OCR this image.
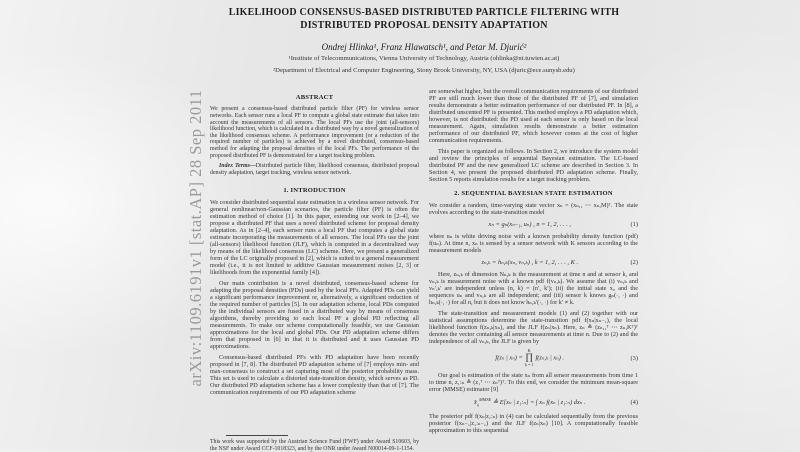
arXiv:1109.6191v1 [stat.AP] 28 Sep 2011
LIKELIHOOD CONSENSUS-BASED DISTRIBUTED PARTICLE FILTERING WITH DISTRIBUTED PROPOSAL DENSITY ADAPTATION
Ondrej Hlinka¹, Franz Hlawatsch¹, and Petar M. Djurić²
¹Institute of Telecommunications, Vienna University of Technology, Austria (ohlinka@nt.tuwien.ac.at)
²Department of Electrical and Computer Engineering, Stony Brook University, NY, USA (djuric@ece.sunysb.edu)
ABSTRACT

We present a consensus-based distributed particle filter (PF) for wireless sensor networks. Each sensor runs a local PF to compute a global state estimate that takes into account the measurements of all sensors. The local PFs use the joint (all-sensors) likelihood function, which is calculated in a distributed way by a novel generalization of the likelihood consensus scheme. A performance improvement (or a reduction of the required number of particles) is achieved by a novel distributed, consensus-based method for adapting the proposal densities of the local PFs. The performance of the proposed distributed PF is demonstrated for a target tracking problem.

Index Terms—Distributed particle filter, likelihood consensus, distributed proposal density adaptation, target tracking, wireless sensor network.

1. INTRODUCTION

We consider distributed sequential state estimation in a wireless sensor network. For general nonlinear/non-Gaussian scenarios, the particle filter (PF) is often the estimation method of choice [1]. In this paper, extending our work in [2–4], we propose a distributed PF that uses a novel distributed scheme for proposal density adaptation. As in [2–4], each sensor runs a local PF that computes a global state estimate incorporating the measurements of all sensors. The local PFs use the joint (all-sensors) likelihood function (JLF), which is computed in a decentralized way by means of the likelihood consensus (LC) scheme. Here, we present a generalized form of the LC originally proposed in [2], which is suited to a general measurement model (i.e., it is not limited to additive Gaussian measurement noises [2, 3] or likelihoods from the exponential family [4]).

Our main contribution is a novel distributed, consensus-based scheme for adapting the proposal densities (PDs) used by the local PFs. Adapted PDs can yield a significant performance improvement or, alternatively, a significant reduction of the required number of particles [5]. In our adaptation scheme, local PDs computed by the individual sensors are fused in a distributed way by means of consensus algorithms, thereby providing to each local PF a global PD reflecting all measurements. To make our scheme computationally feasible, we use Gaussian approximations for the local and global PDs. Our PD adaptation scheme differs from that proposed in [6] in that it is distributed and it uses Gaussian PD approximations.

Consensus-based distributed PFs with PD adaptation have been recently proposed in [7, 8]. The distributed PD adaptation scheme of [7] employs min- and max-consensus to construct a set capturing most of the posterior probability mass. This set is used to calculate a distorted state-transition density, which serves as PD. Our distributed PD adaptation scheme has a lower complexity than that of [7]. The communication requirements of our PD adaptation scheme

This work was supported by the Austrian Science Fund (FWF) under Award S10603, by the NSF under Award CCF-1018323, and by the ONR under Award N00014-09-1-1154.

are somewhat higher, but the overall communication requirements of our distributed PF are still much lower than those of the distributed PF of [7], and simulation results demonstrate a better estimation performance of our distributed PF. In [8], a distributed unscented PF is presented. This method employs a PD adaptation which, however, is not distributed: the PD used at each sensor is only based on the local measurement. Again, simulation results demonstrate a better estimation performance of our distributed PF, which however comes at the cost of higher communication requirements.

This paper is organized as follows. In Section 2, we introduce the system model and review the principles of sequential Bayesian estimation. The LC-based distributed PF and the new generalized LC scheme are described in Section 3. In Section 4, we present the proposed distributed PD adaptation scheme. Finally, Section 5 reports simulation results for a target tracking problem.

2. SEQUENTIAL BAYESIAN STATE ESTIMATION

We consider a random, time-varying state vector xₙ = (xₙ,₁ ⋯ xₙ,M)ᵀ. The state evolves according to the state-transition model

xₙ = gₙ(xₙ₋₁, uₙ) , n = 1, 2, . . . ,	(1)

where uₙ is white driving noise with a known probability density function (pdf) f(uₙ). At time n, xₙ is sensed by a sensor network with K sensors according to the measurement models

zₙ,ₖ = hₙ,ₖ(xₙ, vₙ,ₖ) , k = 1, 2, . . . , K .	(2)

Here, zₙ,ₖ of dimension Nₙ,ₖ is the measurement at time n and at sensor k, and vₙ,ₖ is measurement noise with a known pdf f(vₙ,ₖ). We assume that (i) vₙ,ₖ and vₙ′,ₖ′ are independent unless (n, k) = (n′, k′); (ii) the initial state x₀ and the sequences uₙ and vₙ,ₖ are all independent; and (iii) sensor k knows gₙ(·, ·) and hₙ,ₖ(·, ·) for all n, but it does not know hₙ,ₖ′(·, ·) for k′ ≠ k.

The state-transition and measurement models (1) and (2) together with our statistical assumptions determine the state-transition pdf f(xₙ|xₙ₋₁), the local likelihood function f(zₙ,ₖ|xₙ), and the JLF f(zₙ|xₙ). Here, zₙ ≜ (zₙ,₁ᵀ ⋯ zₙ,Kᵀ)ᵀ denotes the vector containing all sensor measurements at time n. Due to (2) and the independence of all vₙ,ₖ, the JLF is given by

f(zₙ | xₙ) =
K
∏
k = 1
f(zₙ,ₖ | xₙ) .	(3)

Our goal is estimation of the state xₙ from all sensor measurements from time 1 to time n, z₁:ₙ ≜ (z₁ᵀ ⋯ zₙᵀ)ᵀ. To this end, we consider the minimum mean-square error (MMSE) estimator [9]

$x̂_n^{MMSE}$ ≜ E[xₙ | z₁:ₙ] = ∫ xₙ f(xₙ | z₁:ₙ) dxₙ .	(4)

The posterior pdf f(xₙ|z₁:ₙ) in (4) can be calculated sequentially from the previous posterior f(xₙ₋₁|z₁:ₙ₋₁) and the JLF f(zₙ|xₙ) [10]. A computationally feasible approximation to this sequential
